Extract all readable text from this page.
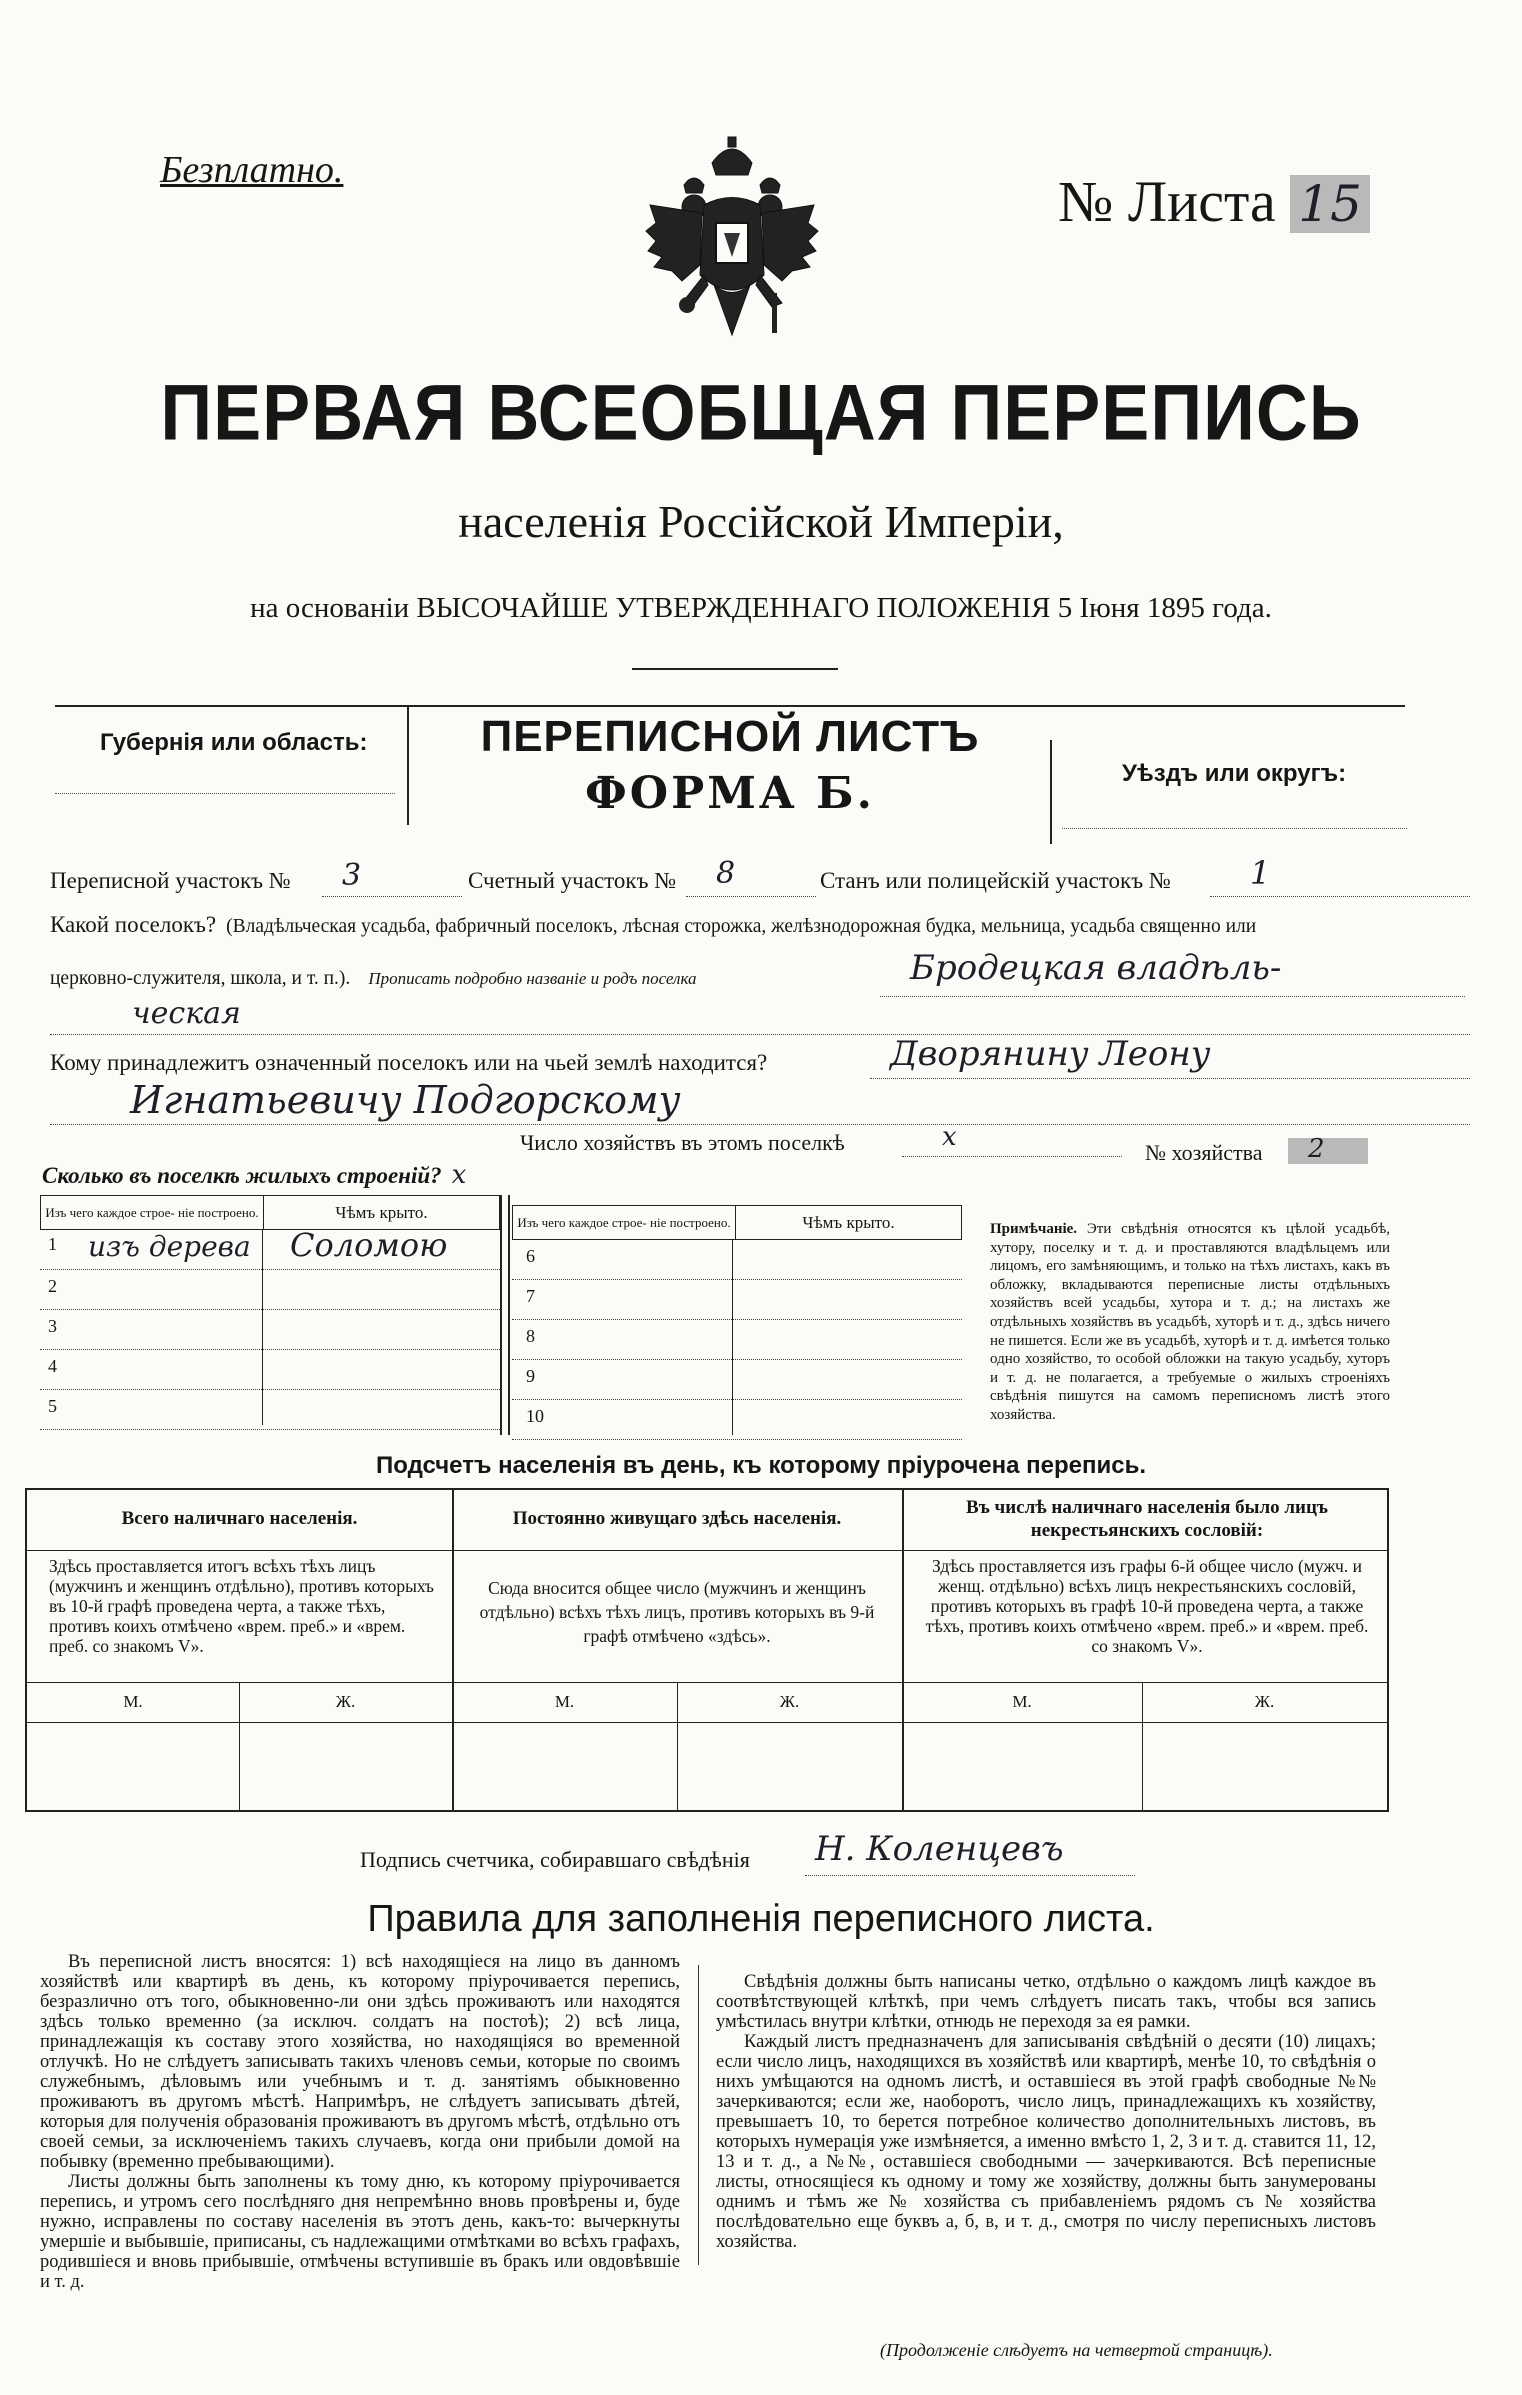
Безплатно.	№ Листа 15
ПЕРВАЯ ВСЕОБЩАЯ ПЕРЕПИСЬ
населенія Россійской Имперіи,
на основаніи ВЫСОЧАЙШЕ УТВЕРЖДЕННАГО ПОЛОЖЕНІЯ 5 Іюня 1895 года.
Губернія или область:	ПЕРЕПИСНОЙ ЛИСТЪ
ФОРМА Б.	Уѣздъ или округъ:
Переписной участокъ № 3	Счетный участокъ № 8	Станъ или полицейскій участокъ № 1
Какой поселокъ? (Владѣльческая усадьба, фабричный поселокъ, лѣсная сторожка, желѣзнодорожная будка, мельница, усадьба священно или
церковно-служителя, школа, и т. п.). Прописать подробно названіе и родъ поселка	Бродецкая владѣль-
ческая
Кому принадлежитъ означенный поселокъ или на чьей землѣ находится?	Дворянину Леону
Игнатьевичу Подгорскому
Число хозяйствъ въ этомъ поселкѣ	х
№ хозяйства 2
Сколько въ поселкѣ жилыхъ строеній? х
Изъ чего каждое строе- ніе построено.	Чѣмъ крыто.
1 изъ дерева Соломою
2
3
4
5
Изъ чего каждое строе- ніе построено.	Чѣмъ крыто.
6
7
8
9
10
Примѣчаніе. Эти свѣдѣнія относятся къ цѣлой усадьбѣ, хутору, поселку и т. д. и проставляются владѣльцемъ или лицомъ, его замѣняющимъ, и только на тѣхъ листахъ, какъ въ обложку, вкладываются переписные листы отдѣльныхъ хозяйствъ всей усадьбы, хутора и т. д.; на листахъ же отдѣльныхъ хозяйствъ въ усадьбѣ, хуторѣ и т. д., здѣсь ничего не пишется. Если же въ усадьбѣ, хуторѣ и т. д. имѣется только одно хозяйство, то особой обложки на такую усадьбу, хуторъ и т. д. не полагается, а требуемые о жилыхъ строеніяхъ свѣдѣнія пишутся на самомъ переписномъ листѣ этого хозяйства.
Подсчетъ населенія въ день, къ которому пріурочена перепись.
Всего наличнаго населенія.
Здѣсь проставляется итогъ всѣхъ тѣхъ лицъ (мужчинъ и женщинъ отдѣльно), противъ которыхъ въ 10-й графѣ проведена черта, а также тѣхъ, противъ коихъ отмѣчено «врем. преб.» и «врем. преб. со знакомъ V».
М.	Ж.
Постоянно живущаго здѣсь населенія.
Сюда вносится общее число (мужчинъ и женщинъ отдѣльно) всѣхъ тѣхъ лицъ, противъ которыхъ въ 9-й графѣ отмѣчено «здѣсь».
М.	Ж.
Въ числѣ наличнаго населенія было лицъ некрестьянскихъ сословій:
Здѣсь проставляется изъ графы 6-й общее число (мужч. и женщ. отдѣльно) всѣхъ лицъ некрестьянскихъ сословій, противъ которыхъ въ графѣ 10-й проведена черта, а также тѣхъ, противъ коихъ отмѣчено «врем. преб.» и «врем. преб. со знакомъ V».
М.	Ж.
Подпись счетчика, собиравшаго свѣдѣнія Н. Коленцевъ
Правила для заполненія переписного листа.

Въ переписной листъ вносятся: 1) всѣ находящіеся на лицо въ данномъ хозяйствѣ или квартирѣ въ день, къ которому пріурочивается перепись, безразлично отъ того, обыкновенно-ли они здѣсь проживаютъ или находятся здѣсь только временно (за исключ. солдатъ на постоѣ); 2) всѣ лица, принадлежащія къ составу этого хозяйства, но находящіяся во временной отлучкѣ. Но не слѣдуетъ записывать такихъ членовъ семьи, которые по своимъ служебнымъ, дѣловымъ или учебнымъ и т. д. занятіямъ обыкновенно проживаютъ въ другомъ мѣстѣ. Напримѣръ, не слѣдуетъ записывать дѣтей, которыя для полученія образованія проживаютъ въ другомъ мѣстѣ, отдѣльно отъ своей семьи, за исключеніемъ такихъ случаевъ, когда они прибыли домой на побывку (временно пребывающими).

Листы должны быть заполнены къ тому дню, къ которому пріурочивается перепись, и утромъ сего послѣдняго дня непремѣнно вновь провѣрены и, буде нужно, исправлены по составу населенія въ этотъ день, какъ-то: вычеркнуты умершіе и выбывшіе, приписаны, съ надлежащими отмѣтками во всѣхъ графахъ, родившіеся и вновь прибывшіе, отмѣчены вступившіе въ бракъ или овдовѣвшіе и т. д.

Свѣдѣнія должны быть написаны четко, отдѣльно о каждомъ лицѣ каждое въ соотвѣтствующей клѣткѣ, при чемъ слѣдуетъ писать такъ, чтобы вся запись умѣстилась внутри клѣтки, отнюдь не переходя за ея рамки.

Каждый листъ предназначенъ для записыванія свѣдѣній о десяти (10) лицахъ; если число лицъ, находящихся въ хозяйствѣ или квартирѣ, менѣе 10, то свѣдѣнія о нихъ умѣщаются на одномъ листѣ, и оставшіеся въ этой графѣ свободные №№ зачеркиваются; если же, наоборотъ, число лицъ, принадлежащихъ къ хозяйству, превышаетъ 10, то берется потребное количество дополнительныхъ листовъ, въ которыхъ нумерація уже измѣняется, а именно вмѣсто 1, 2, 3 и т. д. ставится 11, 12, 13 и т. д., а №№, оставшіеся свободными — зачеркиваются. Всѣ переписные листы, относящіеся къ одному и тому же хозяйству, должны быть занумерованы однимъ и тѣмъ же № хозяйства съ прибавленіемъ рядомъ съ № хозяйства послѣдовательно еще буквъ а, б, в, и т. д., смотря по числу переписныхъ листовъ хозяйства.

(Продолженіе слѣдуетъ на четвертой страницѣ).
